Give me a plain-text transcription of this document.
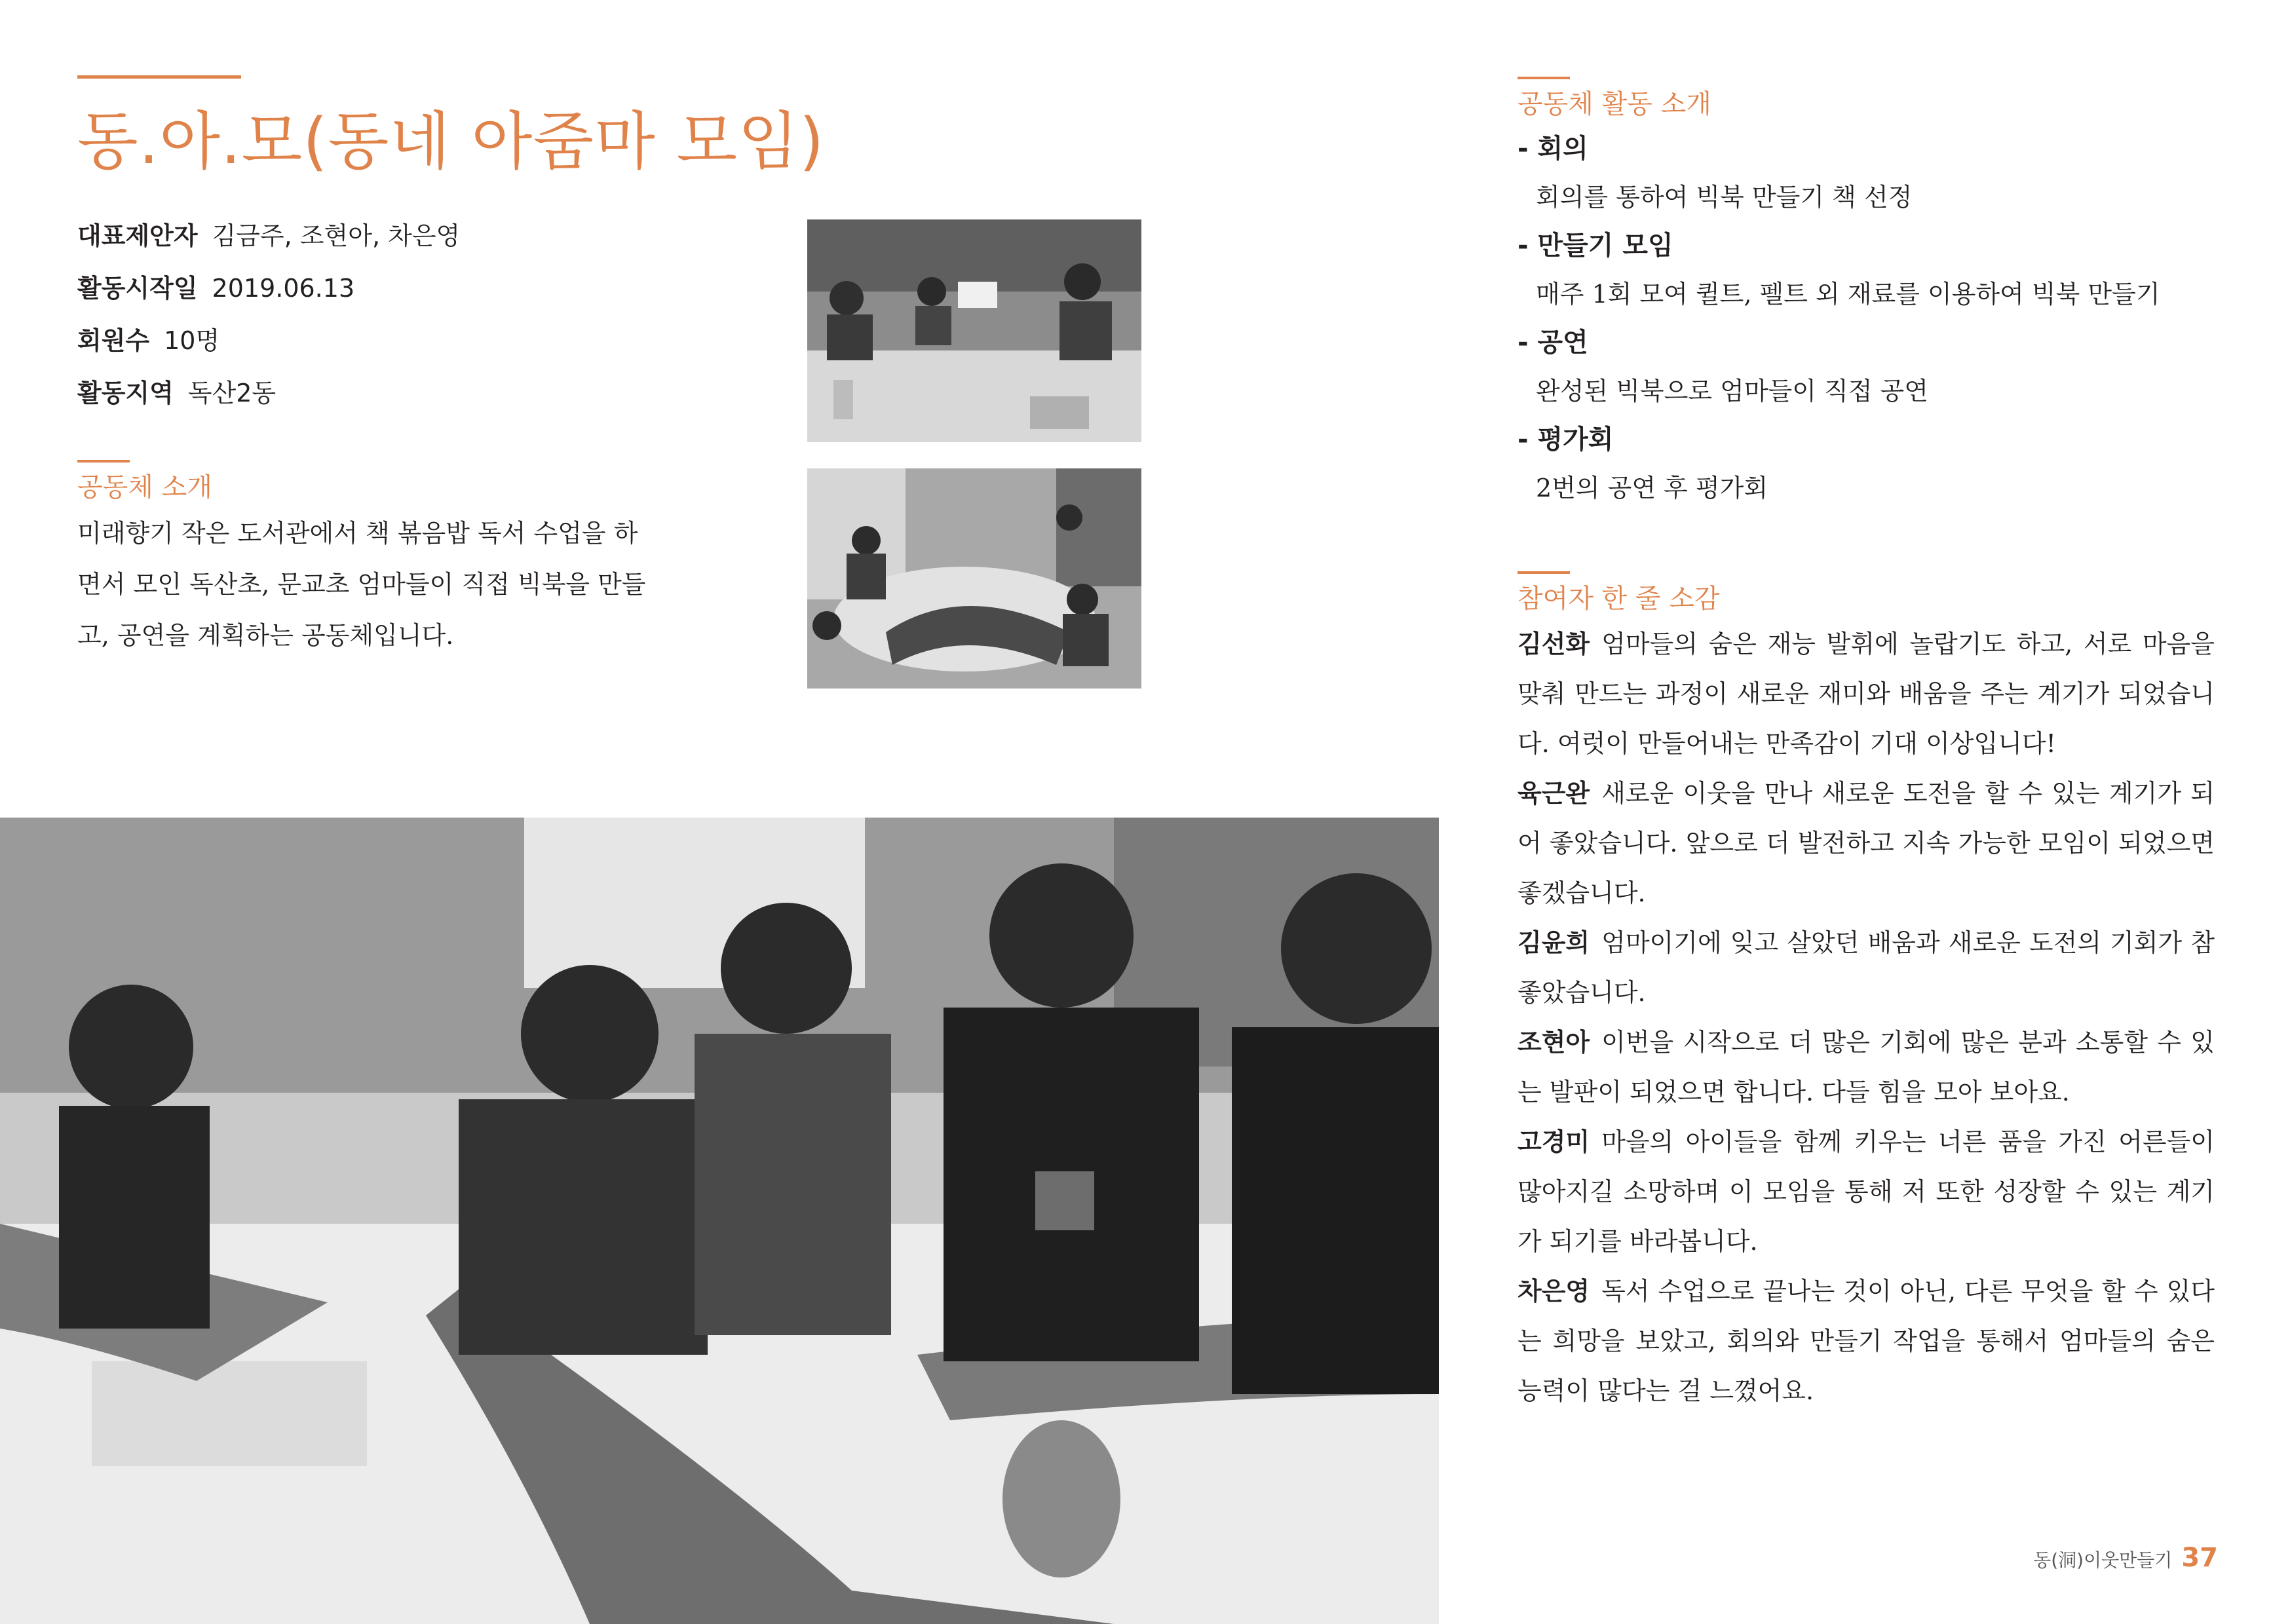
동.아.모(동네 아줌마 모임)
대표제안자 김금주, 조현아, 차은영
활동시작일 2019.06.13
회원수 10명
활동지역 독산2동
공동체 소개
미래향기 작은 도서관에서 책 볶음밥 독서 수업을 하면서 모인 독산초, 문교초 엄마들이 직접 빅북을 만들고, 공연을 계획하는 공동체입니다.
공동체 활동 소개
- 회의
회의를 통하여 빅북 만들기 책 선정
- 만들기 모임
매주 1회 모여 퀼트, 펠트 외 재료를 이용하여 빅북 만들기
- 공연
완성된 빅북으로 엄마들이 직접 공연
- 평가회
2번의 공연 후 평가회
참여자 한 줄 소감

김선화 엄마들의 숨은 재능 발휘에 놀랍기도 하고, 서로 마음을 맞춰 만드는 과정이 새로운 재미와 배움을 주는 계기가 되었습니다. 여럿이 만들어내는 만족감이 기대 이상입니다!

육근완 새로운 이웃을 만나 새로운 도전을 할 수 있는 계기가 되어 좋았습니다. 앞으로 더 발전하고 지속 가능한 모임이 되었으면 좋겠습니다.

김윤희 엄마이기에 잊고 살았던 배움과 새로운 도전의 기회가 참 좋았습니다.

조현아 이번을 시작으로 더 많은 기회에 많은 분과 소통할 수 있는 발판이 되었으면 합니다. 다들 힘을 모아 보아요.

고경미 마을의 아이들을 함께 키우는 너른 품을 가진 어른들이 많아지길 소망하며 이 모임을 통해 저 또한 성장할 수 있는 계기가 되기를 바라봅니다.

차은영 독서 수업으로 끝나는 것이 아닌, 다른 무엇을 할 수 있다는 희망을 보았고, 회의와 만들기 작업을 통해서 엄마들의 숨은 능력이 많다는 걸 느꼈어요.

동(洞)이웃만들기 37
